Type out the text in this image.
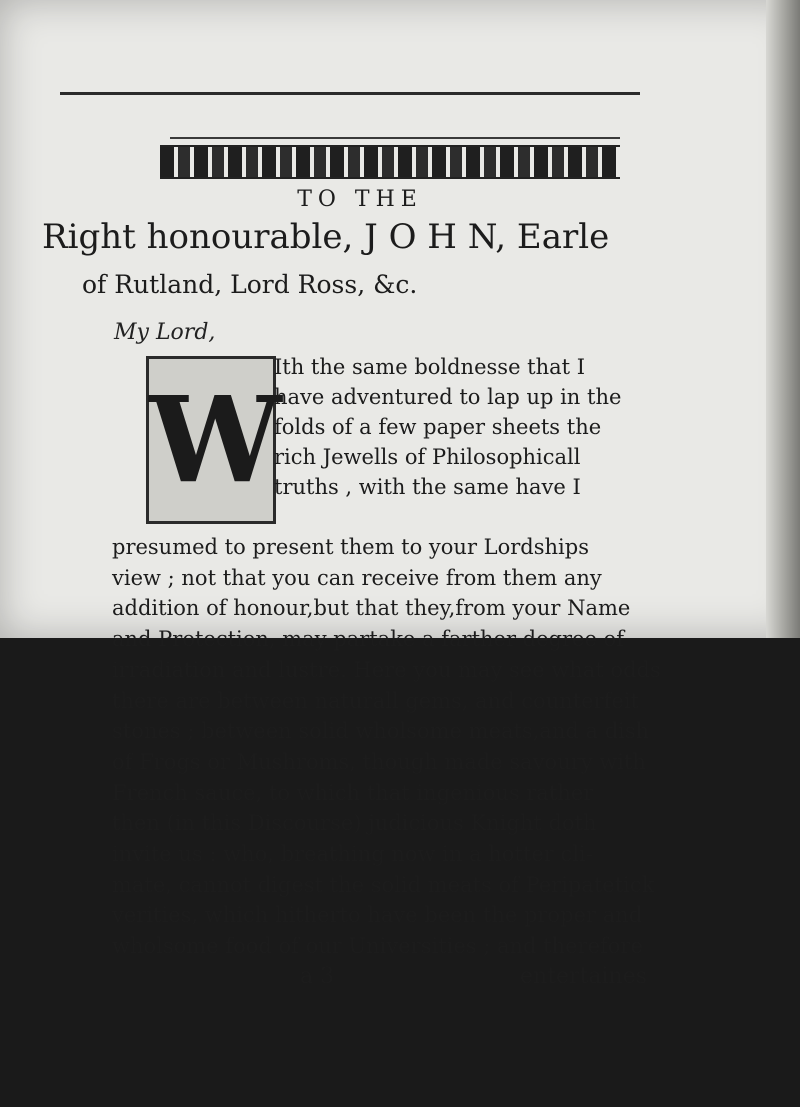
TO THE
Right honourable, J O H N, Earle
of Rutland, Lord Ross, &c.
My Lord,
W
Ith the same boldnesse that I
have adventured to lap up in the
folds of a few paper sheets the
rich Jewells of Philosophicall
truths , with the same have I
presumed to present them to your Lordships
view ; not that you can receive from them any
addition of honour,but that they,from your Name
and Protection, may partake a farther degree of
irradiation and lustre. Here you may see what odds
there are between naturall gems, and counterfeit
stones ; between solid wholsome meats,and a dish
of Frogs or Mushroms, though made savoury with
French sauce, to which that ingenious rather
then (in this Discourse) judicious Knight doth
invite us : who, breathing now in a hotter cli-
mate, cannot digest the solid meats of Peripatetick
verities, which hitherto have been the proper and
wholsome food of our Universities ; and therefore
a 3	entertaines
